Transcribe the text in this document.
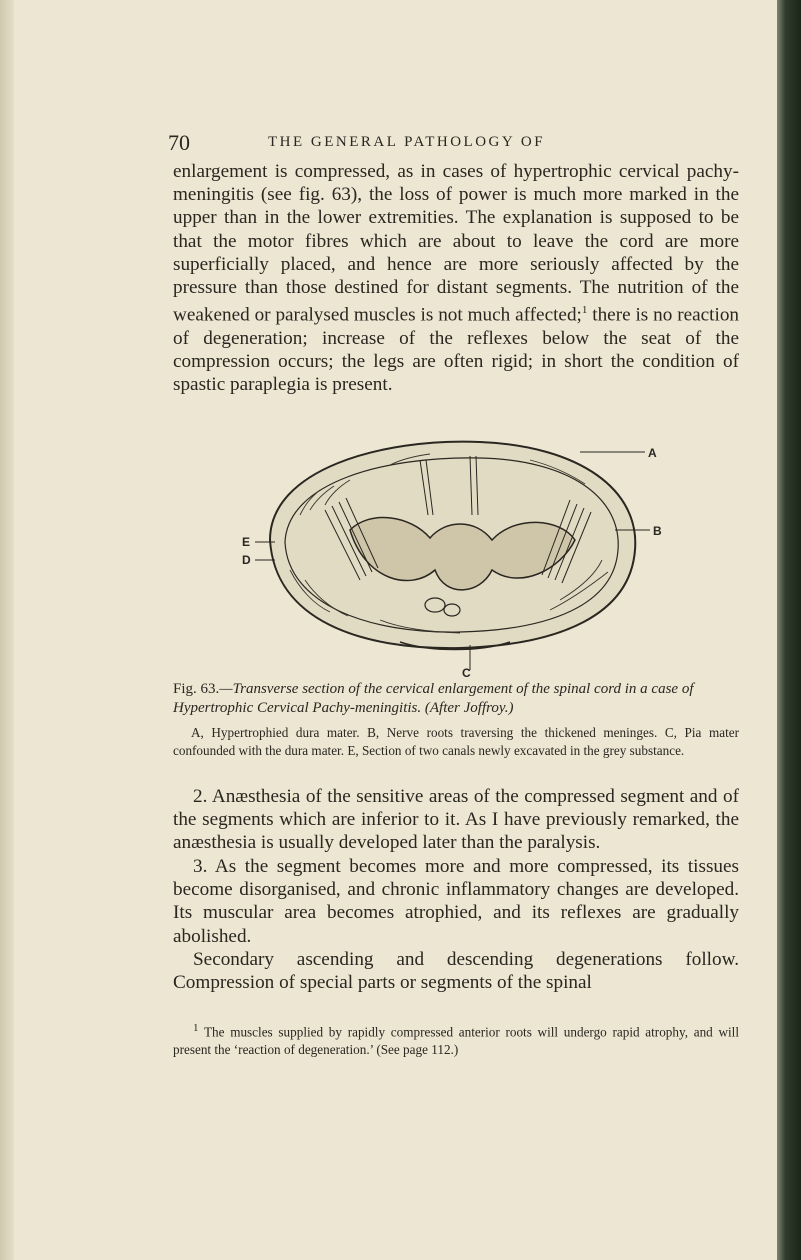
70	THE GENERAL PATHOLOGY OF

enlargement is compressed, as in cases of hypertrophic cervical pachy-meningitis (see fig. 63), the loss of power is much more marked in the upper than in the lower extremities. The explanation is supposed to be that the motor fibres which are about to leave the cord are more superficially placed, and hence are more seriously affected by the pressure than those destined for distant segments. The nutrition of the weakened or paralysed muscles is not much affected;$^1$ there is no reaction of degeneration; increase of the reflexes below the seat of the compression occurs; the legs are often rigid; in short the condition of spastic paraplegia is present.

A
B
C
E
D

Fig. 63.—Transverse section of the cervical enlargement of the spinal cord in a case of Hypertrophic Cervical Pachy-meningitis. (After Joffroy.)

A, Hypertrophied dura mater. B, Nerve roots traversing the thickened meninges. C, Pia mater confounded with the dura mater. E, Section of two canals newly excavated in the grey substance.

2. Anæsthesia of the sensitive areas of the compressed segment and of the segments which are inferior to it. As I have previously remarked, the anæsthesia is usually developed later than the paralysis.

3. As the segment becomes more and more compressed, its tissues become disorganised, and chronic inflammatory changes are developed. Its muscular area becomes atrophied, and its reflexes are gradually abolished.

Secondary ascending and descending degenerations follow. Compression of special parts or segments of the spinal

$^1$ The muscles supplied by rapidly compressed anterior roots will undergo rapid atrophy, and will present the ‘reaction of degeneration.’ (See page 112.)
